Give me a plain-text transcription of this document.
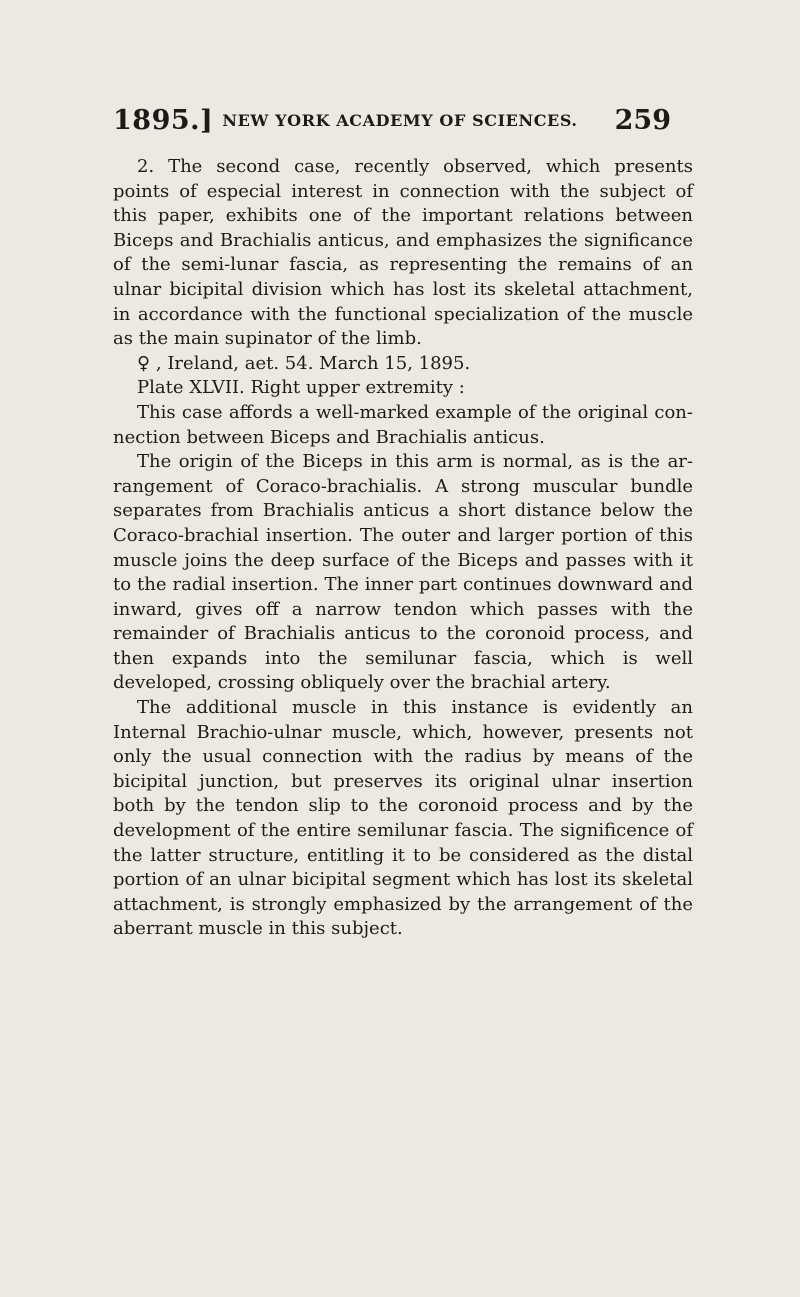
1895.] NEW YORK ACADEMY OF SCIENCES.	259

2. The second case, recently observed, which presents points of especial interest in connection with the subject of this paper, exhibits one of the important relations between Biceps and Brachialis anticus, and emphasizes the significance of the semi-lunar fascia, as representing the remains of an ulnar bicipital division which has lost its skeletal attachment, in accordance with the functional specialization of the muscle as the main supinator of the limb.

♀ , Ireland, aet. 54. March 15, 1895.

Plate XLVII. Right upper extremity :

This case affords a well-marked example of the original con-nection between Biceps and Brachialis anticus.

The origin of the Biceps in this arm is normal, as is the ar-rangement of Coraco-brachialis. A strong muscular bundle separates from Brachialis anticus a short distance below the Coraco-brachial insertion. The outer and larger portion of this muscle joins the deep surface of the Biceps and passes with it to the radial insertion. The inner part continues downward and inward, gives off a narrow tendon which passes with the remainder of Brachialis anticus to the coronoid process, and then expands into the semilunar fascia, which is well developed, crossing obliquely over the brachial artery.

The additional muscle in this instance is evidently an Internal Brachio-ulnar muscle, which, however, presents not only the usual connection with the radius by means of the bicipital junction, but preserves its original ulnar insertion both by the tendon slip to the coronoid process and by the development of the entire semilunar fascia. The significence of the latter structure, entitling it to be considered as the distal portion of an ulnar bicipital segment which has lost its skeletal attachment, is strongly emphasized by the arrangement of the aberrant muscle in this subject.
